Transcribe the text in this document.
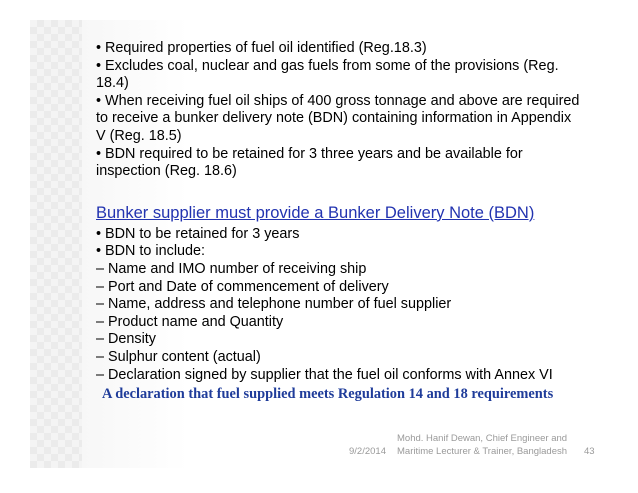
• Required properties of fuel oil identified (Reg.18.3)

• Excludes coal, nuclear and gas fuels from some of the provisions (Reg.

18.4)

• When receiving fuel oil ships of 400 gross tonnage and above are required

to receive a bunker delivery note (BDN) containing information in Appendix

V (Reg. 18.5)

• BDN required to be retained for 3 three years and be available for

inspection (Reg. 18.6)

Bunker supplier must provide a Bunker Delivery Note (BDN)

• BDN to be retained for 3 years

• BDN to include:

– Name and IMO number of receiving ship

– Port and Date of commencement of delivery

– Name, address and telephone number of fuel supplier

– Product name and Quantity

– Density

– Sulphur content (actual)

– Declaration signed by supplier that the fuel oil conforms with Annex VI

A declaration that fuel supplied meets Regulation 14 and 18 requirements

9/2/2014
Mohd. Hanif Dewan, Chief Engineer and
Maritime Lecturer & Trainer, Bangladesh 43
